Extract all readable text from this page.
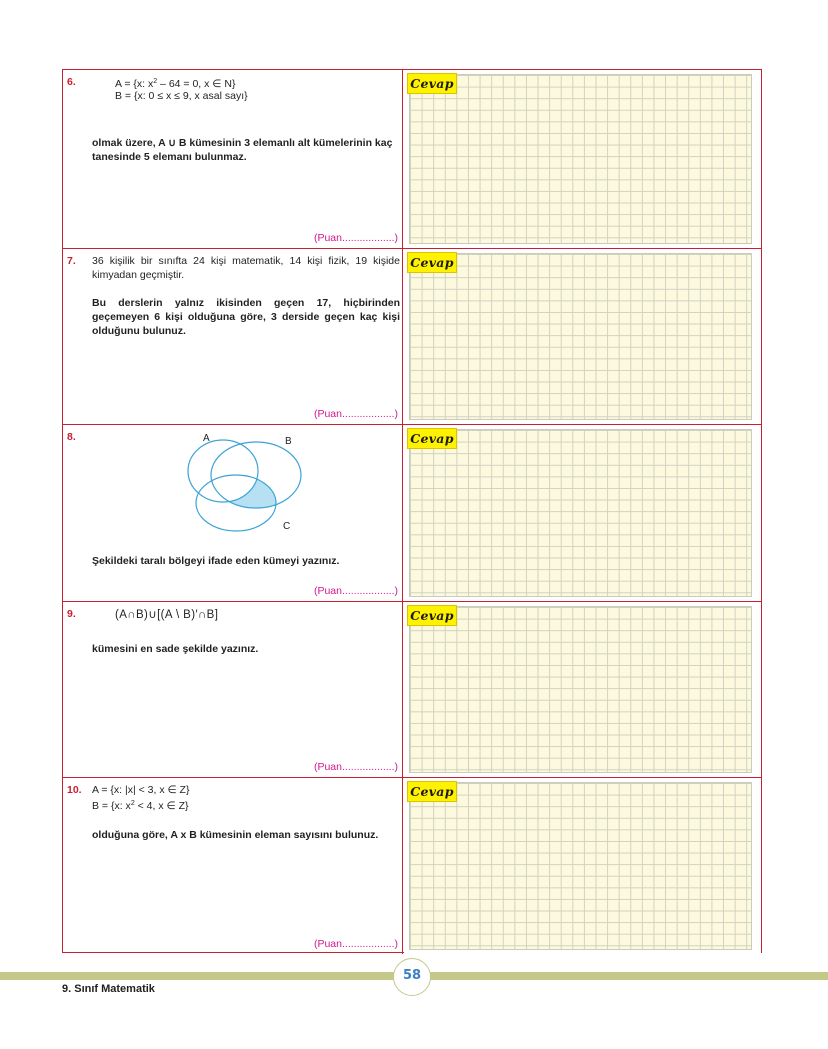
6.	A = {x: $x^2 - 64 = 0$, x ∈ N}
B = {x: 0 ≤ x ≤ 9, x asal sayı}
olmak üzere, A ∪ B kümesinin 3 elemanlı alt kümelerinin kaç tanesinde 5 elemanı bulunmaz.
(Puan..................)
Cevap
7. 36 kişilik bir sınıfta 24 kişi matematik, 14 kişi fizik, 19 kişide kimyadan geçmiştir.
Bu derslerin yalnız ikisinden geçen 17, hiçbirinden geçemeyen 6 kişi olduğuna göre, 3 derside geçen kaç kişi olduğunu bulunuz.
(Puan..................)
Cevap
8.	A	B
C
Şekildeki taralı bölgeyi ifade eden kümeyi yazınız.
(Puan..................)
Cevap
9.	(A∩B)∪[(A \ B)′∩B]
kümesini en sade şekilde yazınız.
(Puan..................)
Cevap
10. A = {x: |x| < 3, x ∈ Z}
B = {x: $x^2 < 4$, x ∈ Z}
olduğuna göre, A x B kümesinin eleman sayısını bulunuz.
(Puan..................)
Cevap
58
9. Sınıf Matematik
